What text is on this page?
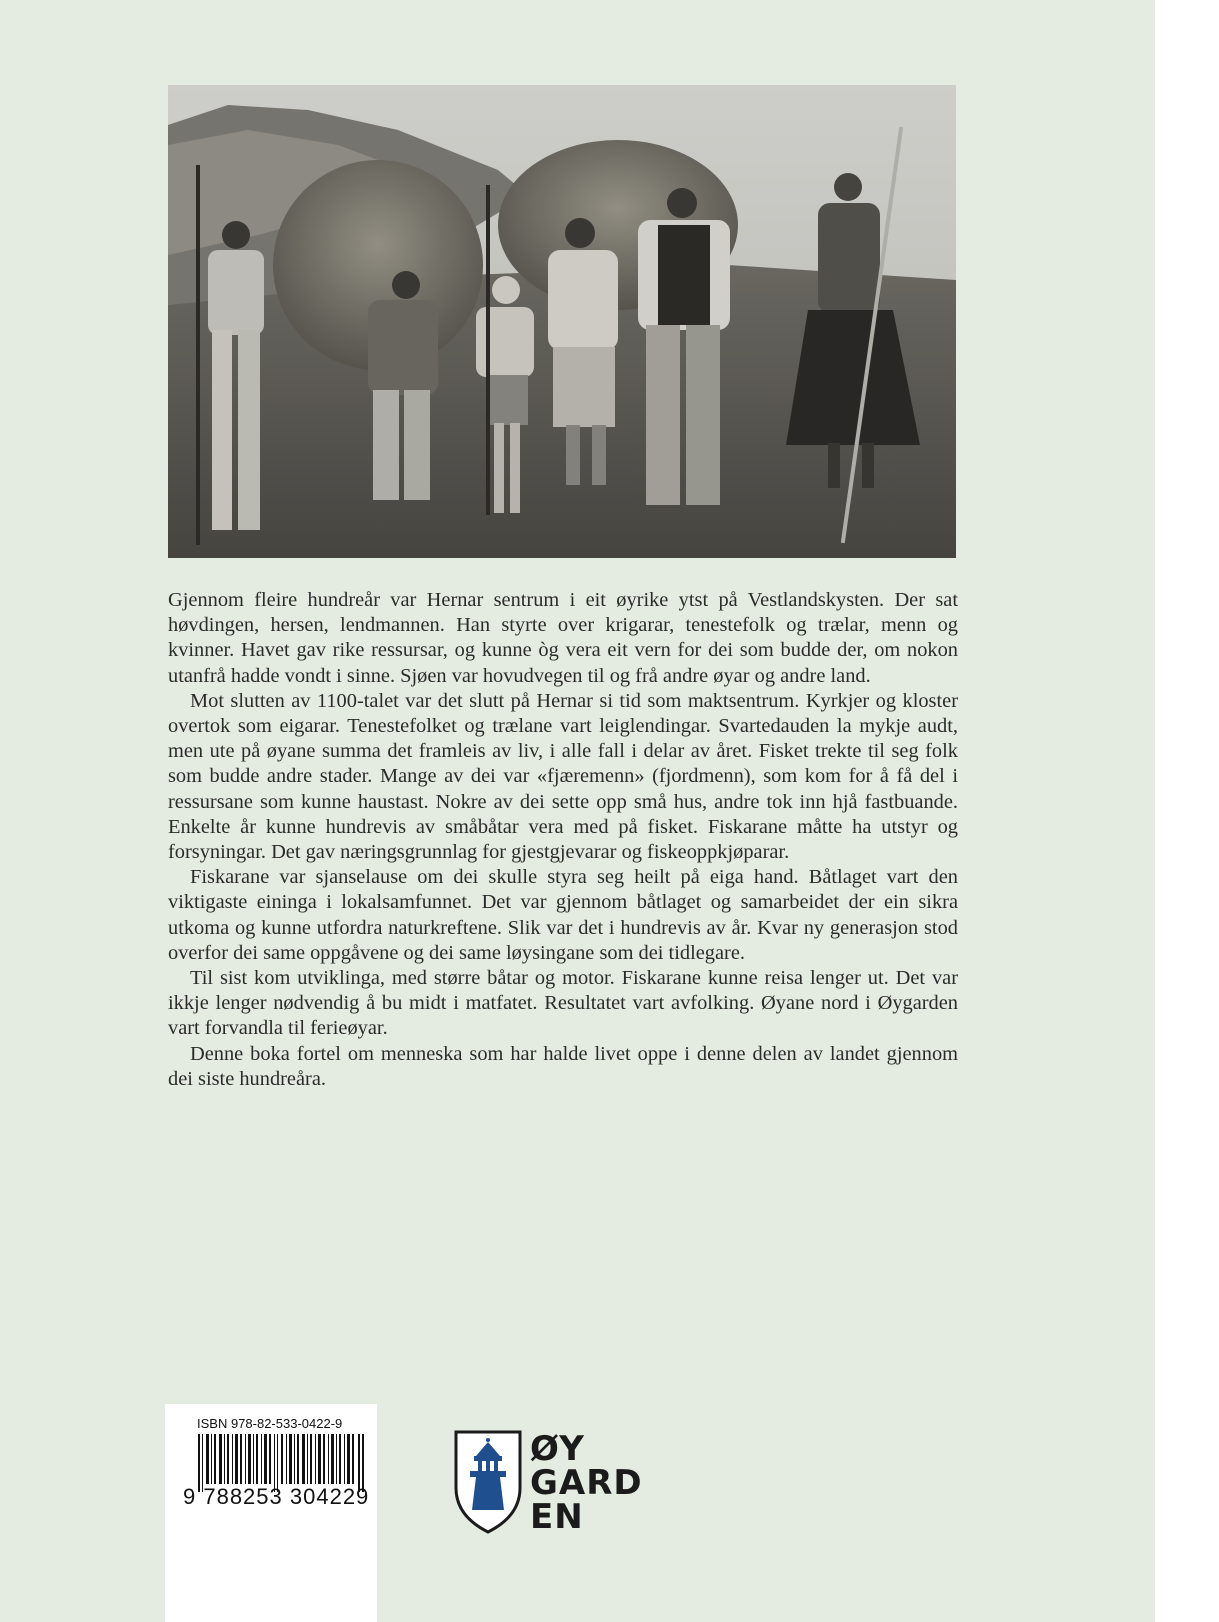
Gjennom fleire hundreår var Hernar sentrum i eit øyrike ytst på Vestlandskysten. Der sat høvdingen, hersen, lendmannen. Han styrte over krigarar, tenestefolk og trælar, menn og kvinner. Havet gav rike ressursar, og kunne òg vera eit vern for dei som budde der, om nokon utanfrå hadde vondt i sinne. Sjøen var hovudvegen til og frå andre øyar og andre land.

Mot slutten av 1100-talet var det slutt på Hernar si tid som maktsentrum. Kyrkjer og kloster overtok som eigarar. Tenestefolket og trælane vart leiglendingar. Svartedauden la mykje audt, men ute på øyane summa det framleis av liv, i alle fall i delar av året. Fisket trekte til seg folk som budde andre stader. Mange av dei var «fjæremenn» (fjordmenn), som kom for å få del i ressursane som kunne haustast. Nokre av dei sette opp små hus, andre tok inn hjå fastbuande. Enkelte år kunne hundrevis av småbåtar vera med på fisket. Fiskarane måtte ha utstyr og forsyningar. Det gav næringsgrunnlag for gjestgjevarar og fiskeoppkjøparar.

Fiskarane var sjanselause om dei skulle styra seg heilt på eiga hand. Båtlaget vart den viktigaste eininga i lokalsamfunnet. Det var gjennom båtlaget og samarbeidet der ein sikra utkoma og kunne utfordra naturkreftene. Slik var det i hundrevis av år. Kvar ny generasjon stod overfor dei same oppgåvene og dei same løysingane som dei tidlegare.

Til sist kom utviklinga, med større båtar og motor. Fiskarane kunne reisa lenger ut. Det var ikkje lenger nødvendig å bu midt i matfatet. Resultatet vart avfolking. Øyane nord i Øygarden vart forvandla til ferieøyar.

Denne boka fortel om menneska som har halde livet oppe i denne delen av landet gjennom dei siste hundreåra.

ISBN 978-82-533-0422-9
9 788253 304229
ØY
GARD
EN
